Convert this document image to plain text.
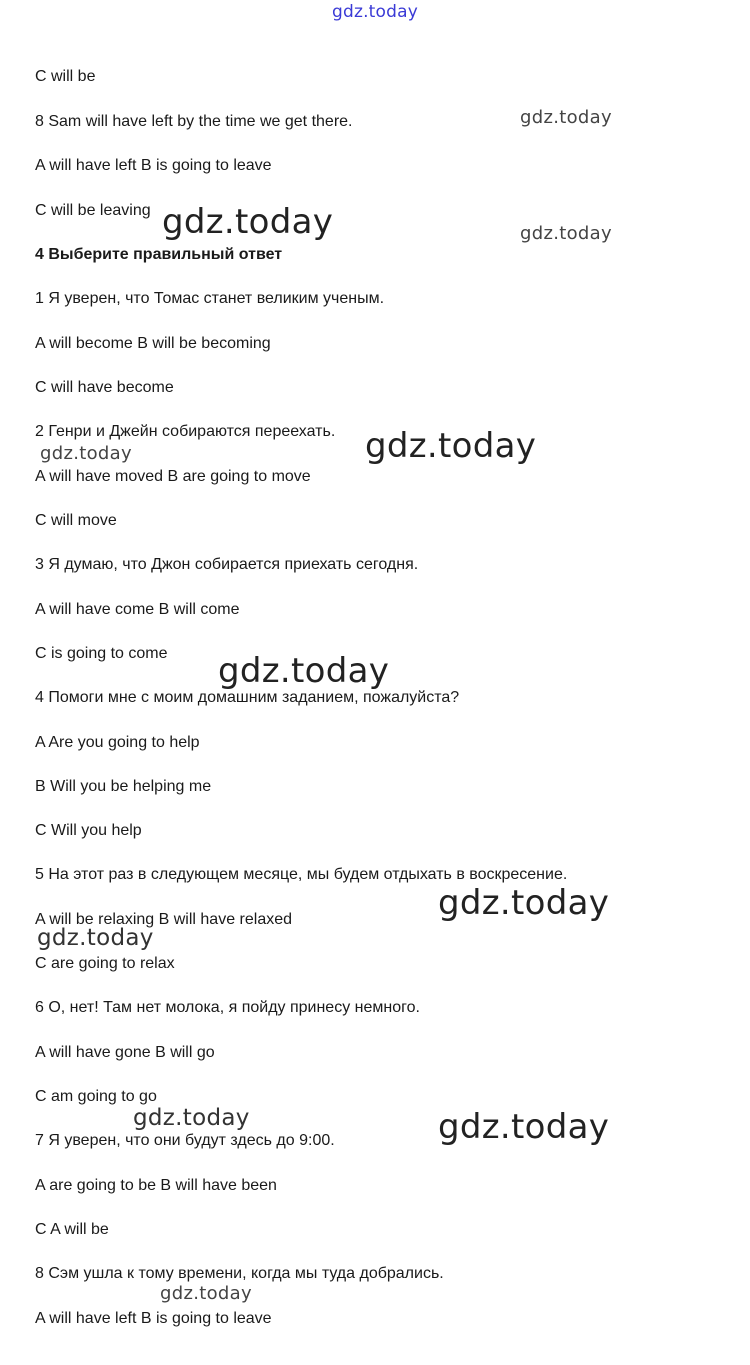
gdz.today
C will be
8 Sam will have left by the time we get there.
A will have left B is going to leave
C will be leaving
4 Выберите правильный ответ
1 Я уверен, что Томас станет великим ученым.
A will become B will be becoming
C will have become
2 Генри и Джейн собираются переехать.
A will have moved B are going to move
C will move
3 Я думаю, что Джон собирается приехать сегодня.
A will have come B will come
C is going to come
4 Помоги мне с моим домашним заданием, пожалуйста?
A Are you going to help
B Will you be helping me
C Will you help
5 На этот раз в следующем месяце, мы будем отдыхать в воскресение.
A will be relaxing B will have relaxed
C are going to relax
6 О, нет! Там нет молока, я пойду принесу немного.
A will have gone B will go
C am going to go
7 Я уверен, что они будут здесь до 9:00.
A are going to be B will have been
C A will be
8 Сэм ушла к тому времени, когда мы туда добрались.
A will have left B is going to leave
gdz.today
gdz.today	gdz.today
gdz.today
gdz.today
gdz.today
gdz.today
gdz.today
gdz.today	gdz.today
gdz.today
